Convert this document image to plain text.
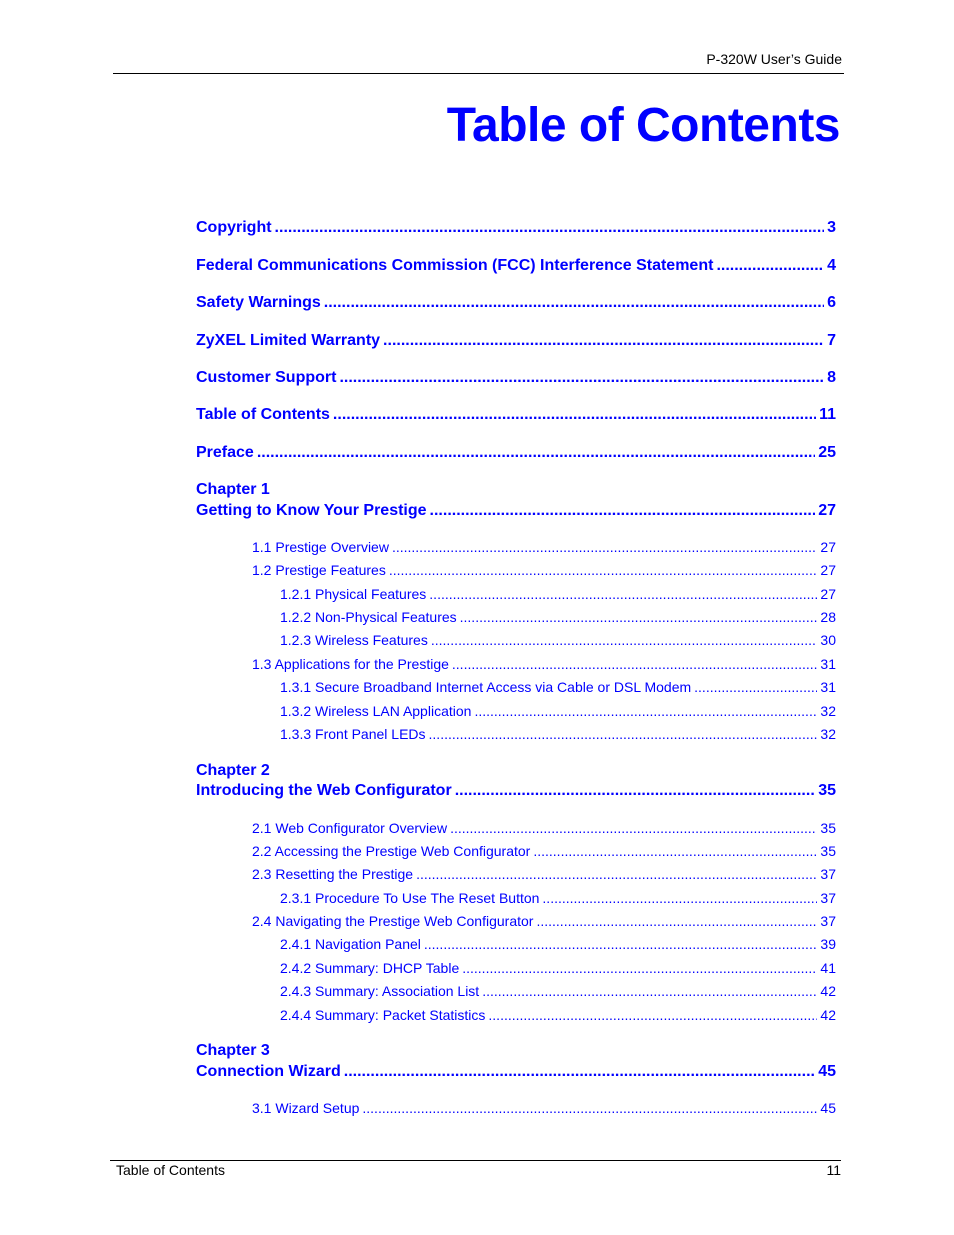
P-320W User’s Guide
Table of Contents
Copyright .....	3
Federal Communications Commission (FCC) Interference Statement .....	4
Safety Warnings .....	6
ZyXEL Limited Warranty .....	7
Customer Support .....	8
Table of Contents .....	11
Preface .....	25
Chapter 1
Getting to Know Your Prestige .....	27
1.1 Prestige Overview .....	27
1.2 Prestige Features .....	27
1.2.1 Physical Features .....	27
1.2.2 Non-Physical Features .....	28
1.2.3 Wireless Features .....	30
1.3 Applications for the Prestige .....	31
1.3.1 Secure Broadband Internet Access via Cable or DSL Modem .....	31
1.3.2 Wireless LAN Application .....	32
1.3.3 Front Panel LEDs .....	32
Chapter 2
Introducing the Web Configurator .....	35
2.1 Web Configurator Overview .....	35
2.2 Accessing the Prestige Web Configurator .....	35
2.3 Resetting the Prestige .....	37
2.3.1 Procedure To Use The Reset Button .....	37
2.4 Navigating the Prestige Web Configurator .....	37
2.4.1 Navigation Panel .....	39
2.4.2 Summary: DHCP Table .....	41
2.4.3 Summary: Association List .....	42
2.4.4 Summary: Packet Statistics .....	42
Chapter 3
Connection Wizard .....	45
3.1 Wizard Setup .....	45
Table of Contents	11
